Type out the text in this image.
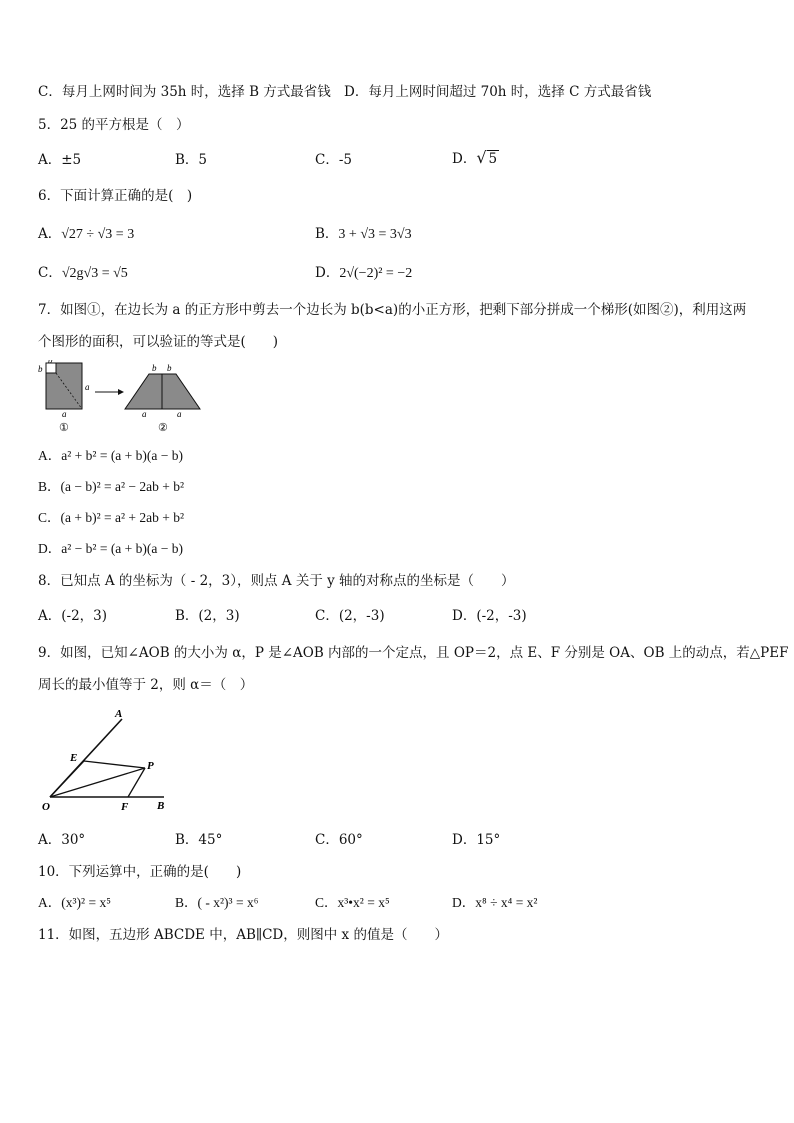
C．每月上网时间为 35h 时，选择 B 方式最省钱 D．每月上网时间超过 70h 时，选择 C 方式最省钱
5．25 的平方根是（　）
A．±5	B．5	C．-5	D．√ 5
6．下面计算正确的是(　)
A．√27 ÷ √3 = 3	B．3 + √3 = 3√3
C．√2g√3 = √5	D．2√(−2)² = −2
7．如图①，在边长为 a 的正方形中剪去一个边长为 b(b<a)的小正方形，把剩下部分拼成一个梯形(如图②)，利用这两
个图形的面积，可以验证的等式是(　　)
b
b
a
a
①
b b
a	a
②
A．a² + b² = (a + b)(a − b)
B．(a − b)² = a² − 2ab + b²
C．(a + b)² = a² + 2ab + b²
D．a² − b² = (a + b)(a − b)
8．已知点 A 的坐标为（ - 2，3），则点 A 关于 y 轴的对称点的坐标是（　　）
A．(-2，3)	B．(2，3)	C．(2，-3)	D．(-2，-3)
9．如图，已知∠AOB 的大小为 α，P 是∠AOB 内部的一个定点，且 OP＝2，点 E、F 分别是 OA、OB 上的动点，若△PEF
周长的最小值等于 2，则 α＝（　）
A
E
P
O	F	B
A．30°	B．45°	C．60°	D．15°
10．下列运算中，正确的是(　　)
A．(x³)² = x⁵	B．( - x²)³ = x⁶	C．x³•x² = x⁵	D．x⁸ ÷ x⁴ = x²
11．如图，五边形 ABCDE 中，AB∥CD，则图中 x 的值是（　　）
